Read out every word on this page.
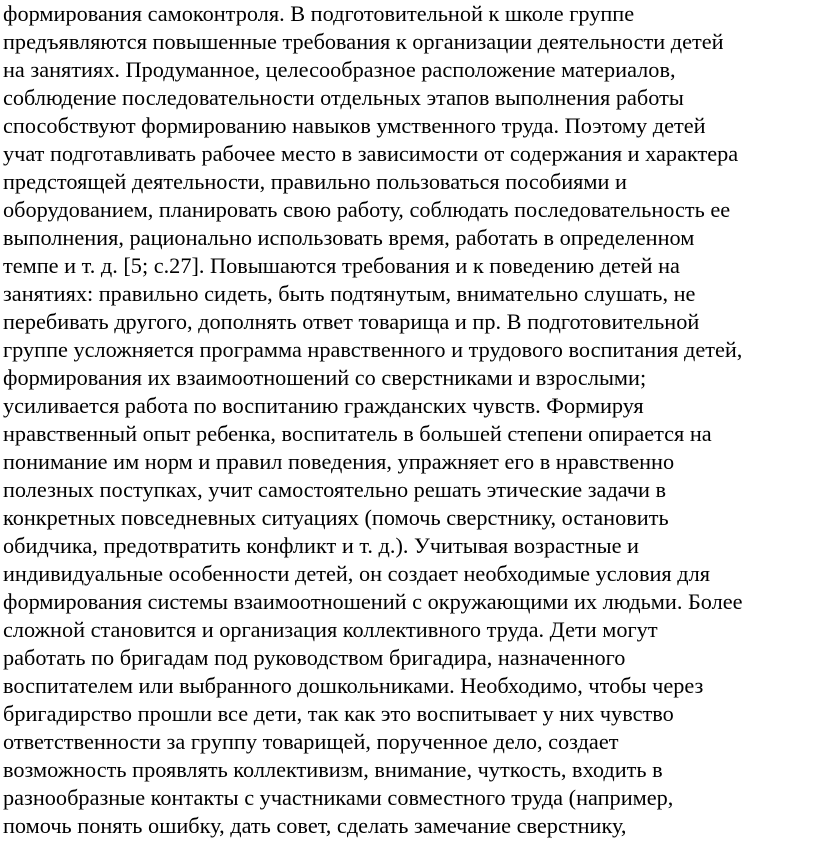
формирования самоконтроля. В подготовительной к школе группе
предъявляются повышенные требования к организации деятельности детей
на занятиях. Продуманное, целесообразное расположение материалов,
соблюдение последовательности отдельных этапов выполнения работы
способствуют формированию навыков умственного труда. Поэтому детей
учат подготавливать рабочее место в зависимости от содержания и характера
предстоящей деятельности, правильно пользоваться пособиями и
оборудованием, планировать свою работу, соблюдать последовательность ее
выполнения, рационально использовать время, работать в определенном
темпе и т. д. [5; с.27]. Повышаются требования и к поведению детей на
занятиях: правильно сидеть, быть подтянутым, внимательно слушать, не
перебивать другого, дополнять ответ товарища и пр. В подготовительной
группе усложняется программа нравственного и трудового воспитания детей,
формирования их взаимоотношений со сверстниками и взрослыми;
усиливается работа по воспитанию гражданских чувств. Формируя
нравственный опыт ребенка, воспитатель в большей степени опирается на
понимание им норм и правил поведения, упражняет его в нравственно
полезных поступках, учит самостоятельно решать этические задачи в
конкретных повседневных ситуациях (помочь сверстнику, остановить
обидчика, предотвратить конфликт и т. д.). Учитывая возрастные и
индивидуальные особенности детей, он создает необходимые условия для
формирования системы взаимоотношений с окружающими их людьми. Более
сложной становится и организация коллективного труда. Дети могут
работать по бригадам под руководством бригадира, назначенного
воспитателем или выбранного дошкольниками. Необходимо, чтобы через
бригадирство прошли все дети, так как это воспитывает у них чувство
ответственности за группу товарищей, порученное дело, создает
возможность проявлять коллективизм, внимание, чуткость, входить в
разнообразные контакты с участниками совместного труда (например,
помочь понять ошибку, дать совет, сделать замечание сверстнику,
